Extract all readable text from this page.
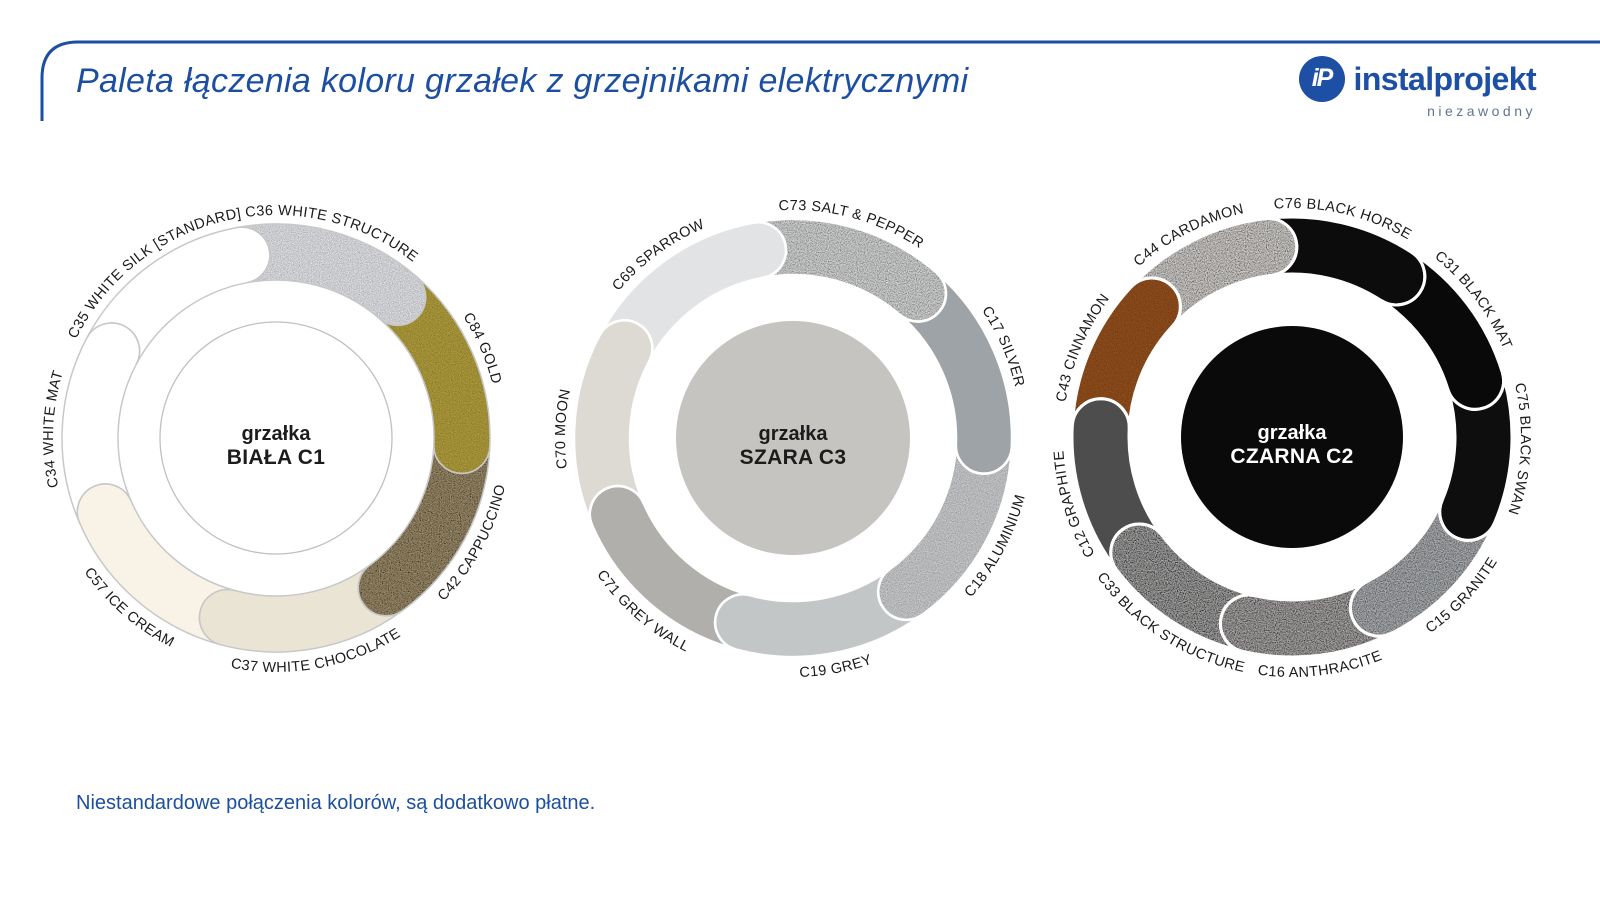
Paleta łączenia koloru grzałek z grzejnikami elektrycznymi	iP instalprojekt
niezawodny
C35 WHITE SILK [STANDARD] C36 WHITE STRUCTURE
C84 GOLD
C42 CAPPUCCINO
C37 WHITE CHOCOLATE
C57 ICE CREAM
C34 WHITE MAT
grzałka
BIAŁA C1
C69 SPARROW
C73 SALT & PEPPER
C17 SILVER
C18 ALUMINIUM
C19 GREY
C71 GREY WALL
C70 MOON
grzałka
SZARA C3
C44 CARDAMON C76 BLACK HORSE
C31 BLACK MAT
C75 BLACK SWAN
C15 GRANITE
C16 ANTHRACITE
C33 BLACK STRUCTURE
C12 GRAPHITE
C43 CINNAMON
grzałka
CZARNA C2

Niestandardowe połączenia kolorów, są dodatkowo płatne.
